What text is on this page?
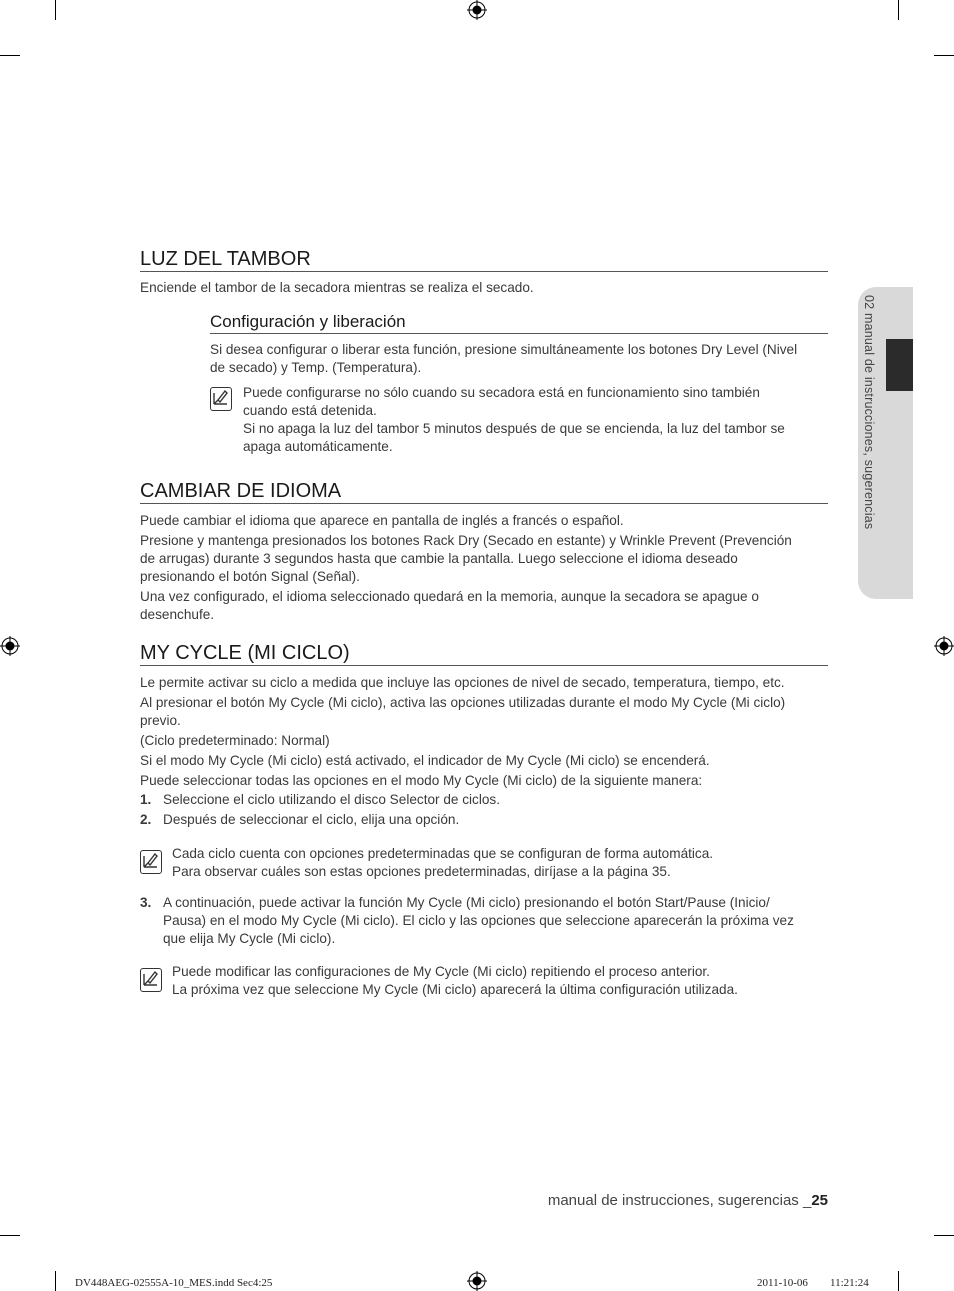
02 manual de instrucciones, sugerencias
LUZ DEL TAMBOR
Enciende el tambor de la secadora mientras se realiza el secado.
Configuración y liberación
Si desea configurar o liberar esta función, presione simultáneamente los botones Dry Level (Nivel
de secado) y Temp. (Temperatura).
Puede configurarse no sólo cuando su secadora está en funcionamiento sino también
cuando está detenida.
Si no apaga la luz del tambor 5 minutos después de que se encienda, la luz del tambor se
apaga automáticamente.
CAMBIAR DE IDIOMA
Puede cambiar el idioma que aparece en pantalla de inglés a francés o español.
Presione y mantenga presionados los botones Rack Dry (Secado en estante) y Wrinkle Prevent (Prevención
de arrugas) durante 3 segundos hasta que cambie la pantalla. Luego seleccione el idioma deseado
presionando el botón Signal (Señal).
Una vez configurado, el idioma seleccionado quedará en la memoria, aunque la secadora se apague o
desenchufe.
MY CYCLE (MI CICLO)
Le permite activar su ciclo a medida que incluye las opciones de nivel de secado, temperatura, tiempo, etc.
Al presionar el botón My Cycle (Mi ciclo), activa las opciones utilizadas durante el modo My Cycle (Mi ciclo)
previo.
(Ciclo predeterminado: Normal)
Si el modo My Cycle (Mi ciclo) está activado, el indicador de My Cycle (Mi ciclo) se encenderá.
Puede seleccionar todas las opciones en el modo My Cycle (Mi ciclo) de la siguiente manera:
1. Seleccione el ciclo utilizando el disco Selector de ciclos.
2. Después de seleccionar el ciclo, elija una opción.
Cada ciclo cuenta con opciones predeterminadas que se configuran de forma automática.
Para observar cuáles son estas opciones predeterminadas, diríjase a la página 35.
3. A continuación, puede activar la función My Cycle (Mi ciclo) presionando el botón Start/Pause (Inicio/
Pausa) en el modo My Cycle (Mi ciclo). El ciclo y las opciones que seleccione aparecerán la próxima vez
que elija My Cycle (Mi ciclo).
Puede modificar las configuraciones de My Cycle (Mi ciclo) repitiendo el proceso anterior.
La próxima vez que seleccione My Cycle (Mi ciclo) aparecerá la última configuración utilizada.
manual de instrucciones, sugerencias _25
DV448AEG-02555A-10_MES.indd Sec4:25	2011-10-06 11:21:24
